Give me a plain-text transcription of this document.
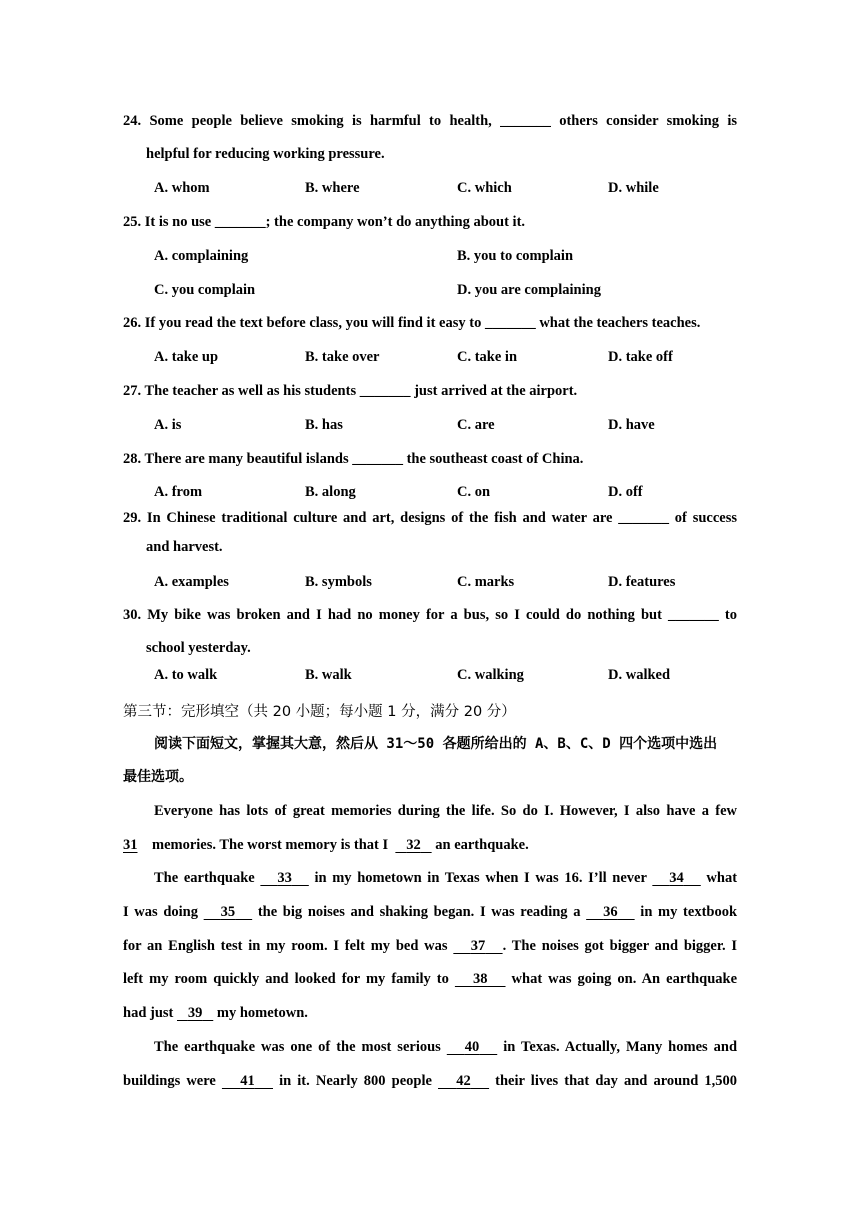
24. Some people believe smoking is harmful to health, _______ others consider smoking is
helpful for reducing working pressure.
A. whom	B. where	C. which	D. while
25. It is no use _______; the company won’t do anything about it.
A. complaining	B. you to complain
C. you complain	D. you are complaining
26. If you read the text before class, you will find it easy to _______ what the teachers teaches.
A. take up	B. take over	C. take in	D. take off
27. The teacher as well as his students _______ just arrived at the airport.
A. is	B. has	C. are	D. have
28. There are many beautiful islands _______ the southeast coast of China.
A. from	B. along	C. on	D. off
29. In Chinese traditional culture and art, designs of the fish and water are _______ of success
and harvest.
A. examples	B. symbols	C. marks	D. features
30. My bike was broken and I had no money for a bus, so I could do nothing but _______ to
school yesterday.
A. to walk	B. walk	C. walking	D. walked
第三节：完形填空（共 20 小题；每小题 1 分，满分 20 分）
阅读下面短文，掌握其大意，然后从 31～50 各题所给出的 A、B、C、D 四个选项中选出
最佳选项。
Everyone has lots of great memories during the life. So do I. However, I also have a few
31    memories. The worst memory is that I     32    an earthquake.
The earthquake    33    in my hometown in Texas when I was 16. I’ll never    34    what
I was doing    35    the big noises and shaking began. I was reading a    36    in my textbook
for an English test in my room. I felt my bed was    37 . The noises got bigger and bigger. I
left my room quickly and looked for my family to    38    what was going on. An earthquake
had just    39    my hometown.
The earthquake was one of the most serious    40    in Texas. Actually, Many homes and
buildings were    41    in it. Nearly 800 people    42    their lives that day and around 1,500
